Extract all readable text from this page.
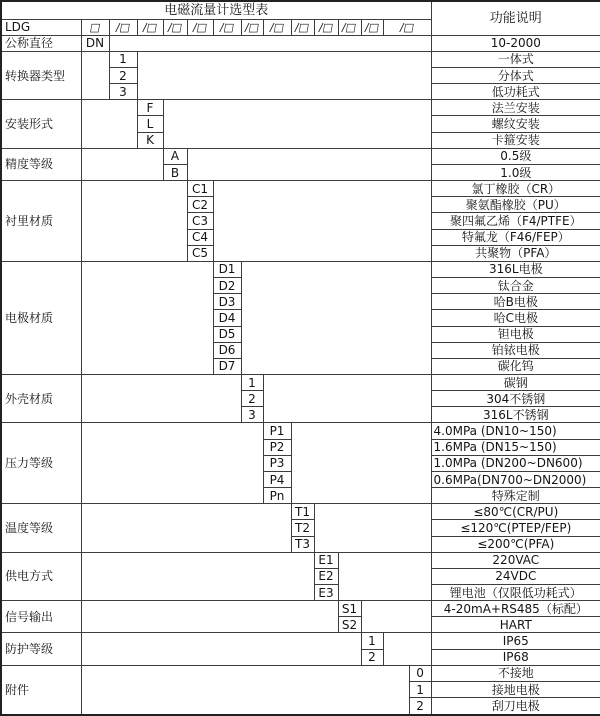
电磁流量计选型表															功能说明
LDG	□	/□	/□	/□	/□	/□	/□	/□	/□	/□	/□	/□	/□		
公称直径	DN														10-2000
转换器类型		1													一体式
		2													分体式
		3													低功耗式
安装形式			F												法兰安装
			L												螺纹安装
			K												卡箍安装
精度等级				A											0.5级
				B											1.0级
衬里材质					C1										氯丁橡胶（CR）
					C2										聚氨酯橡胶（PU）
					C3										聚四氟乙烯（F4/PTFE）
					C4										特氟龙（F46/FEP）
					C5										共聚物（PFA）
电极材质						D1									316L电极
						D2									钛合金
						D3									哈B电极
						D4									哈C电极
						D5									钽电极
						D6									铂铱电极
						D7									碳化钨
外壳材质							1								碳钢
							2								304不锈钢
							3								316L不锈钢
压力等级								P1							4.0MPa (DN10~150)
								P2							1.6MPa (DN15~150)
								P3							1.0MPa (DN200~DN600)
								P4							0.6MPa(DN700~DN2000)
								Pn							特殊定制
温度等级									T1						≤80℃(CR/PU)
									T2						≤120℃(PTEP/FEP)
									T3						≤200℃(PFA)
供电方式										E1					220VAC
										E2					24VDC
										E3					锂电池（仅限低功耗式）
信号输出											S1				4-20mA+RS485（标配）
											S2				HART
防护等级												1			IP65
												2			IP68
附件														0	不接地
														1	接地电极
														2	刮刀电极
